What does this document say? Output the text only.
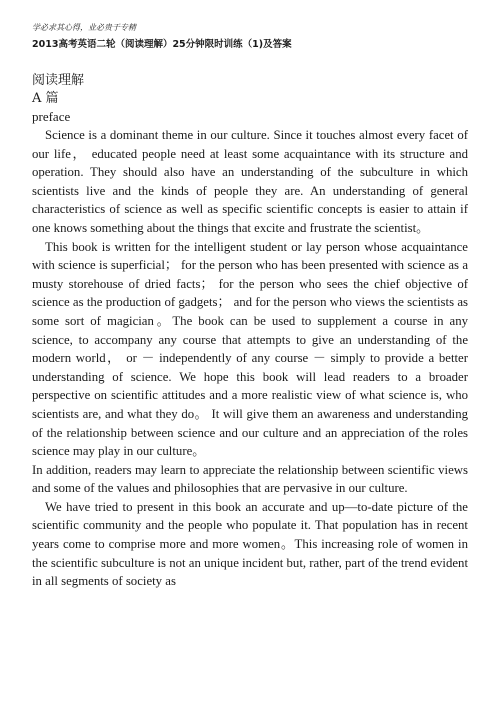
学必求其心得，业必贵于专精

2013高考英语二轮（阅读理解）25分钟限时训练（1)及答案

阅读理解

A 篇

preface

Science is a dominant theme in our culture. Since it touches almost every facet of our life， educated people need at least some acquaintance with its structure and operation. They should also have an understanding of the subculture in which scientists live and the kinds of people they are. An understanding of general characteristics of science as well as specific scientific concepts is easier to attain if one knows something about the things that excite and frustrate the scientist。

This book is written for the intelligent student or lay person whose acquaintance with science is superficial； for the person who has been presented with science as a musty storehouse of dried facts； for the person who sees the chief objective of science as the production of gadgets； and for the person who views the scientists as some sort of magician。The book can be used to supplement a course in any science, to accompany any course that attempts to give an understanding of the modern world， or － independently of any course － simply to provide a better understanding of science. We hope this book will lead readers to a broader perspective on scientific attitudes and a more realistic view of what science is, who scientists are, and what they do。 It will give them an awareness and understanding of the relationship between science and our culture and an appreciation of the roles science may play in our culture。

In addition, readers may learn to appreciate the relationship between scientific views and some of the values and philosophies that are pervasive in our culture.

We have tried to present in this book an accurate and up—to-date picture of the scientific community and the people who populate it. That population has in recent years come to comprise more and more women。This increasing role of women in the scientific subculture is not an unique incident but, rather, part of the trend evident in all segments of society as
